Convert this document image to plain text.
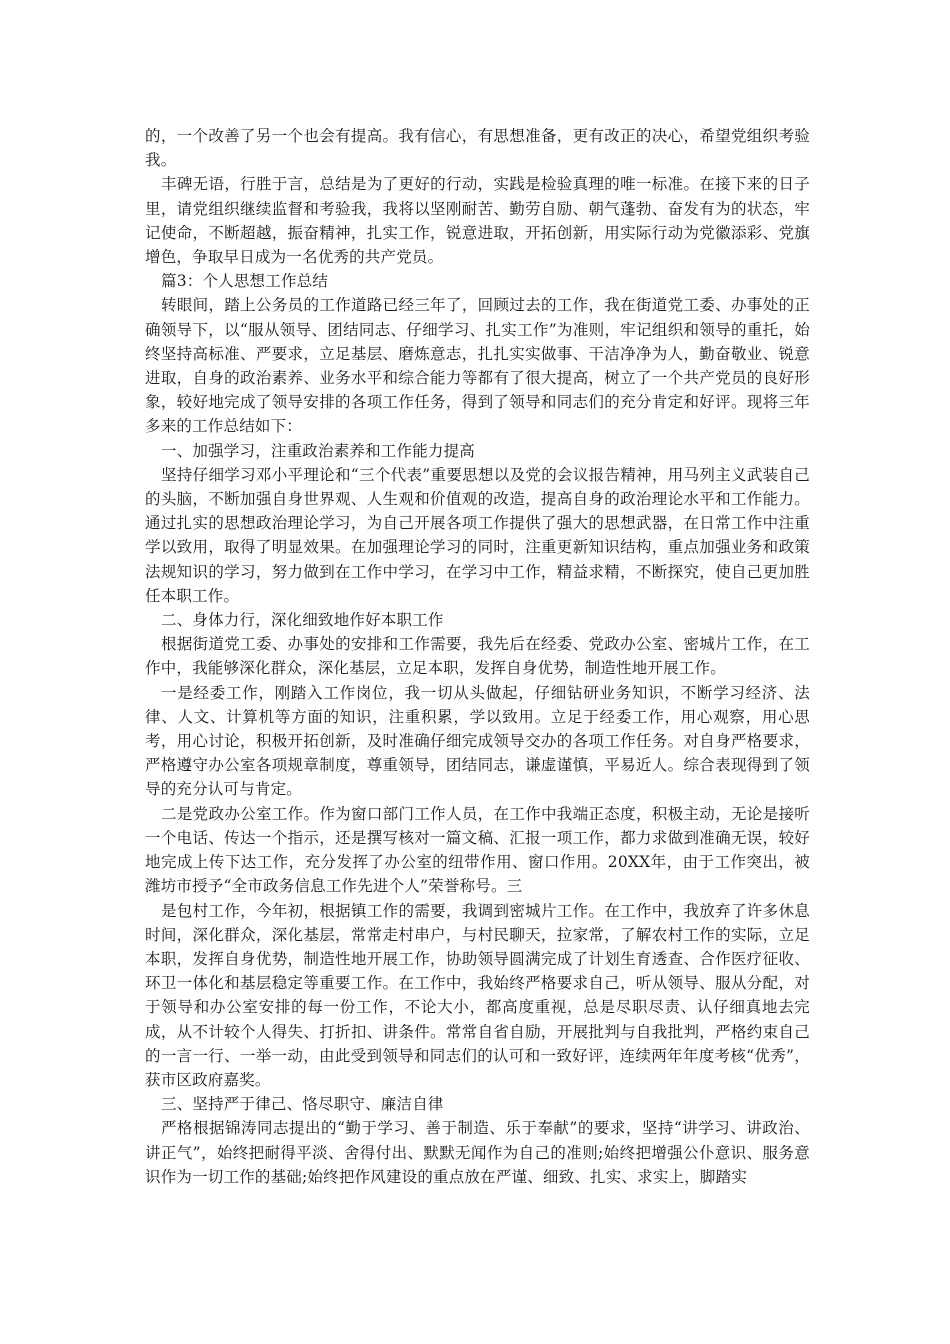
的，一个改善了另一个也会有提高。我有信心，有思想准备，更有改正的决心，希望党组织考验我。

丰碑无语，行胜于言，总结是为了更好的行动，实践是检验真理的唯一标准。在接下来的日子里，请党组织继续监督和考验我，我将以坚刚耐苦、勤劳自励、朝气蓬勃、奋发有为的状态，牢记使命，不断超越，振奋精神，扎实工作，锐意进取，开拓创新，用实际行动为党徽添彩、党旗增色，争取早日成为一名优秀的共产党员。

篇3：个人思想工作总结

转眼间，踏上公务员的工作道路已经三年了，回顾过去的工作，我在街道党工委、办事处的正确领导下，以“服从领导、团结同志、仔细学习、扎实工作”为准则，牢记组织和领导的重托，始终坚持高标准、严要求，立足基层、磨炼意志，扎扎实实做事、干洁净净为人，勤奋敬业、锐意进取，自身的政治素养、业务水平和综合能力等都有了很大提高，树立了一个共产党员的良好形象，较好地完成了领导安排的各项工作任务，得到了领导和同志们的充分肯定和好评。现将三年多来的工作总结如下：

一、加强学习，注重政治素养和工作能力提高

坚持仔细学习邓小平理论和“三个代表”重要思想以及党的会议报告精神，用马列主义武装自己的头脑，不断加强自身世界观、人生观和价值观的改造，提高自身的政治理论水平和工作能力。通过扎实的思想政治理论学习，为自己开展各项工作提供了强大的思想武器，在日常工作中注重学以致用，取得了明显效果。在加强理论学习的同时，注重更新知识结构，重点加强业务和政策法规知识的学习，努力做到在工作中学习，在学习中工作，精益求精，不断探究，使自己更加胜任本职工作。

二、身体力行，深化细致地作好本职工作

根据街道党工委、办事处的安排和工作需要，我先后在经委、党政办公室、密城片工作，在工作中，我能够深化群众，深化基层，立足本职，发挥自身优势，制造性地开展工作。

一是经委工作，刚踏入工作岗位，我一切从头做起，仔细钻研业务知识，不断学习经济、法律、人文、计算机等方面的知识，注重积累，学以致用。立足于经委工作，用心观察，用心思考，用心讨论，积极开拓创新，及时准确仔细完成领导交办的各项工作任务。对自身严格要求，严格遵守办公室各项规章制度，尊重领导，团结同志，谦虚谨慎，平易近人。综合表现得到了领导的充分认可与肯定。

二是党政办公室工作。作为窗口部门工作人员，在工作中我端正态度，积极主动，无论是接听一个电话、传达一个指示，还是撰写核对一篇文稿、汇报一项工作，都力求做到准确无误，较好地完成上传下达工作，充分发挥了办公室的纽带作用、窗口作用。20XX年，由于工作突出，被潍坊市授予“全市政务信息工作先进个人”荣誉称号。三

是包村工作，今年初，根据镇工作的需要，我调到密城片工作。在工作中，我放弃了许多休息时间，深化群众，深化基层，常常走村串户，与村民聊天，拉家常，了解农村工作的实际，立足本职，发挥自身优势，制造性地开展工作，协助领导圆满完成了计划生育透查、合作医疗征收、环卫一体化和基层稳定等重要工作。在工作中，我始终严格要求自己，听从领导、服从分配，对于领导和办公室安排的每一份工作，不论大小，都高度重视，总是尽职尽责、认仔细真地去完成，从不计较个人得失、打折扣、讲条件。常常自省自励，开展批判与自我批判，严格约束自己的一言一行、一举一动，由此受到领导和同志们的认可和一致好评，连续两年年度考核“优秀”，获市区政府嘉奖。

三、坚持严于律己、恪尽职守、廉洁自律

严格根据锦涛同志提出的“勤于学习、善于制造、乐于奉献”的要求，坚持“讲学习、讲政治、讲正气”，始终把耐得平淡、舍得付出、默默无闻作为自己的准则;始终把增强公仆意识、服务意识作为一切工作的基础;始终把作风建设的重点放在严谨、细致、扎实、求实上，脚踏实
